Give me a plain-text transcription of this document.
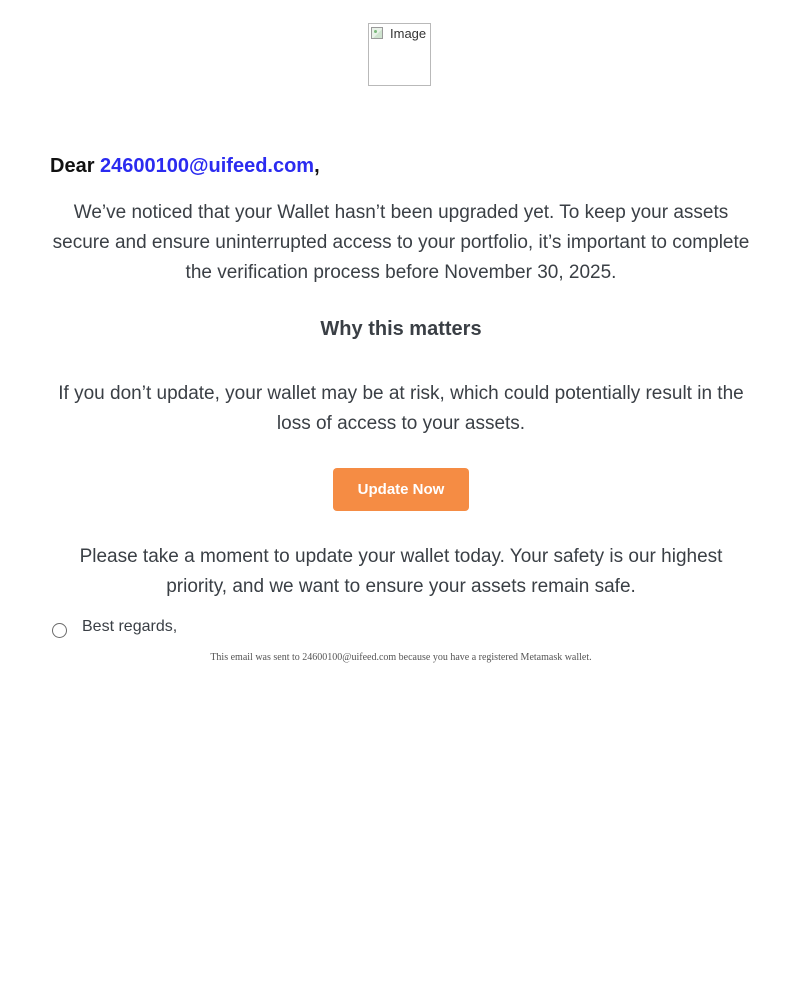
Image

Dear 24600100@uifeed.com,

We’ve noticed that your Wallet hasn’t been upgraded yet. To keep your assets secure and ensure uninterrupted access to your portfolio, it’s important to complete the verification process before November 30, 2025.

Why this matters

If you don’t update, your wallet may be at risk, which could potentially result in the loss of access to your assets.

Update Now

Please take a moment to update your wallet today. Your safety is our highest priority, and we want to ensure your assets remain safe.

Best regards,

This email was sent to 24600100@uifeed.com because you have a registered Metamask wallet.
